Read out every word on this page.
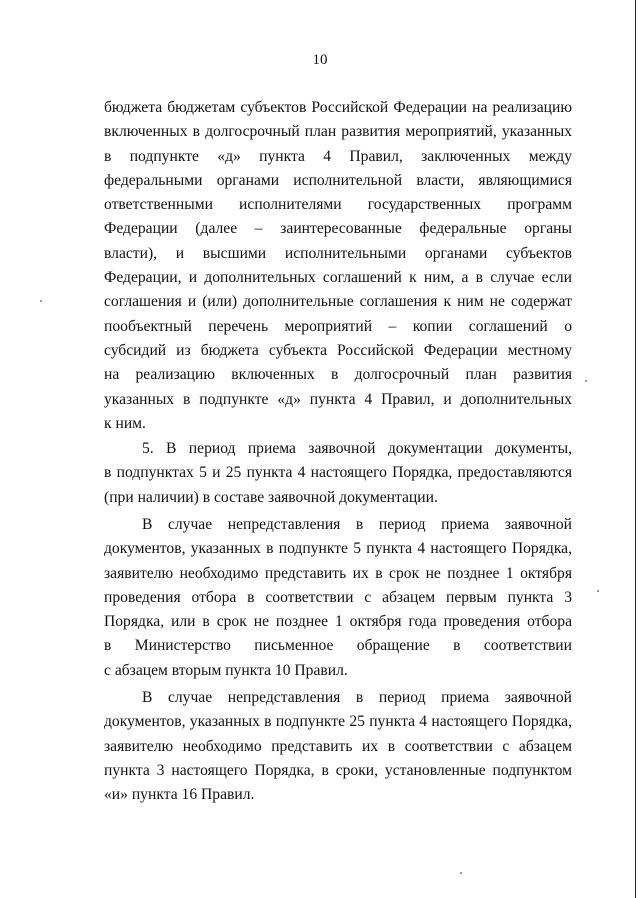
10
бюджета бюджетам субъектов Российской Федерации на реализацию
включенных в долгосрочный план развития мероприятий, указанных
в подпункте «д» пункта 4 Правил, заключенных между
федеральными органами исполнительной власти, являющимися
ответственными исполнителями государственных программ
Федерации (далее – заинтересованные федеральные органы
власти), и высшими исполнительными органами субъектов
Федерации, и дополнительных соглашений к ним, а в случае если
соглашения и (или) дополнительные соглашения к ним не содержат
пообъектный перечень мероприятий – копии соглашений о
субсидий из бюджета субъекта Российской Федерации местному
на реализацию включенных в долгосрочный план развития
указанных в подпункте «д» пункта 4 Правил, и дополнительных
к ним.
5. В период приема заявочной документации документы,
в подпунктах 5 и 25 пункта 4 настоящего Порядка, предоставляются
(при наличии) в составе заявочной документации.
В случае непредставления в период приема заявочной
документов, указанных в подпункте 5 пункта 4 настоящего Порядка,
заявителю необходимо представить их в срок не позднее 1 октября
проведения отбора в соответствии с абзацем первым пункта 3
Порядка, или в срок не позднее 1 октября года проведения отбора
в Министерство письменное обращение в соответствии
с абзацем вторым пункта 10 Правил.
В случае непредставления в период приема заявочной
документов, указанных в подпункте 25 пункта 4 настоящего Порядка,
заявителю необходимо представить их в соответствии с абзацем
пункта 3 настоящего Порядка, в сроки, установленные подпунктом
«и» пункта 16 Правил.
